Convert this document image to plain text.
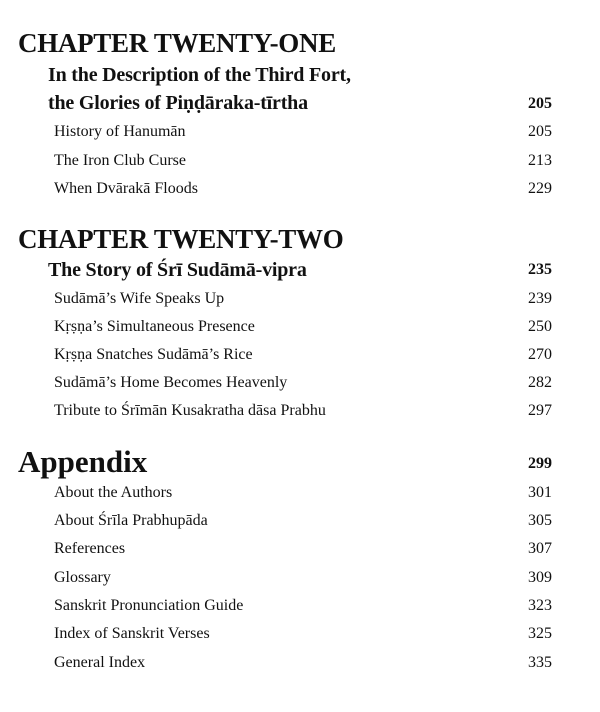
CHAPTER TWENTY-ONE
In the Description of the Third Fort,
the Glories of Piṇḍāraka-tīrtha	205
History of Hanumān	205
The Iron Club Curse	213
When Dvārakā Floods	229
CHAPTER TWENTY-TWO
The Story of Śrī Sudāmā-vipra	235
Sudāmā’s Wife Speaks Up	239
Kṛṣṇa’s Simultaneous Presence	250
Kṛṣṇa Snatches Sudāmā’s Rice	270
Sudāmā’s Home Becomes Heavenly	282
Tribute to Śrīmān Kusakratha dāsa Prabhu	297
Appendix	299
About the Authors	301
About Śrīla Prabhupāda	305
References	307
Glossary	309
Sanskrit Pronunciation Guide	323
Index of Sanskrit Verses	325
General Index	335
